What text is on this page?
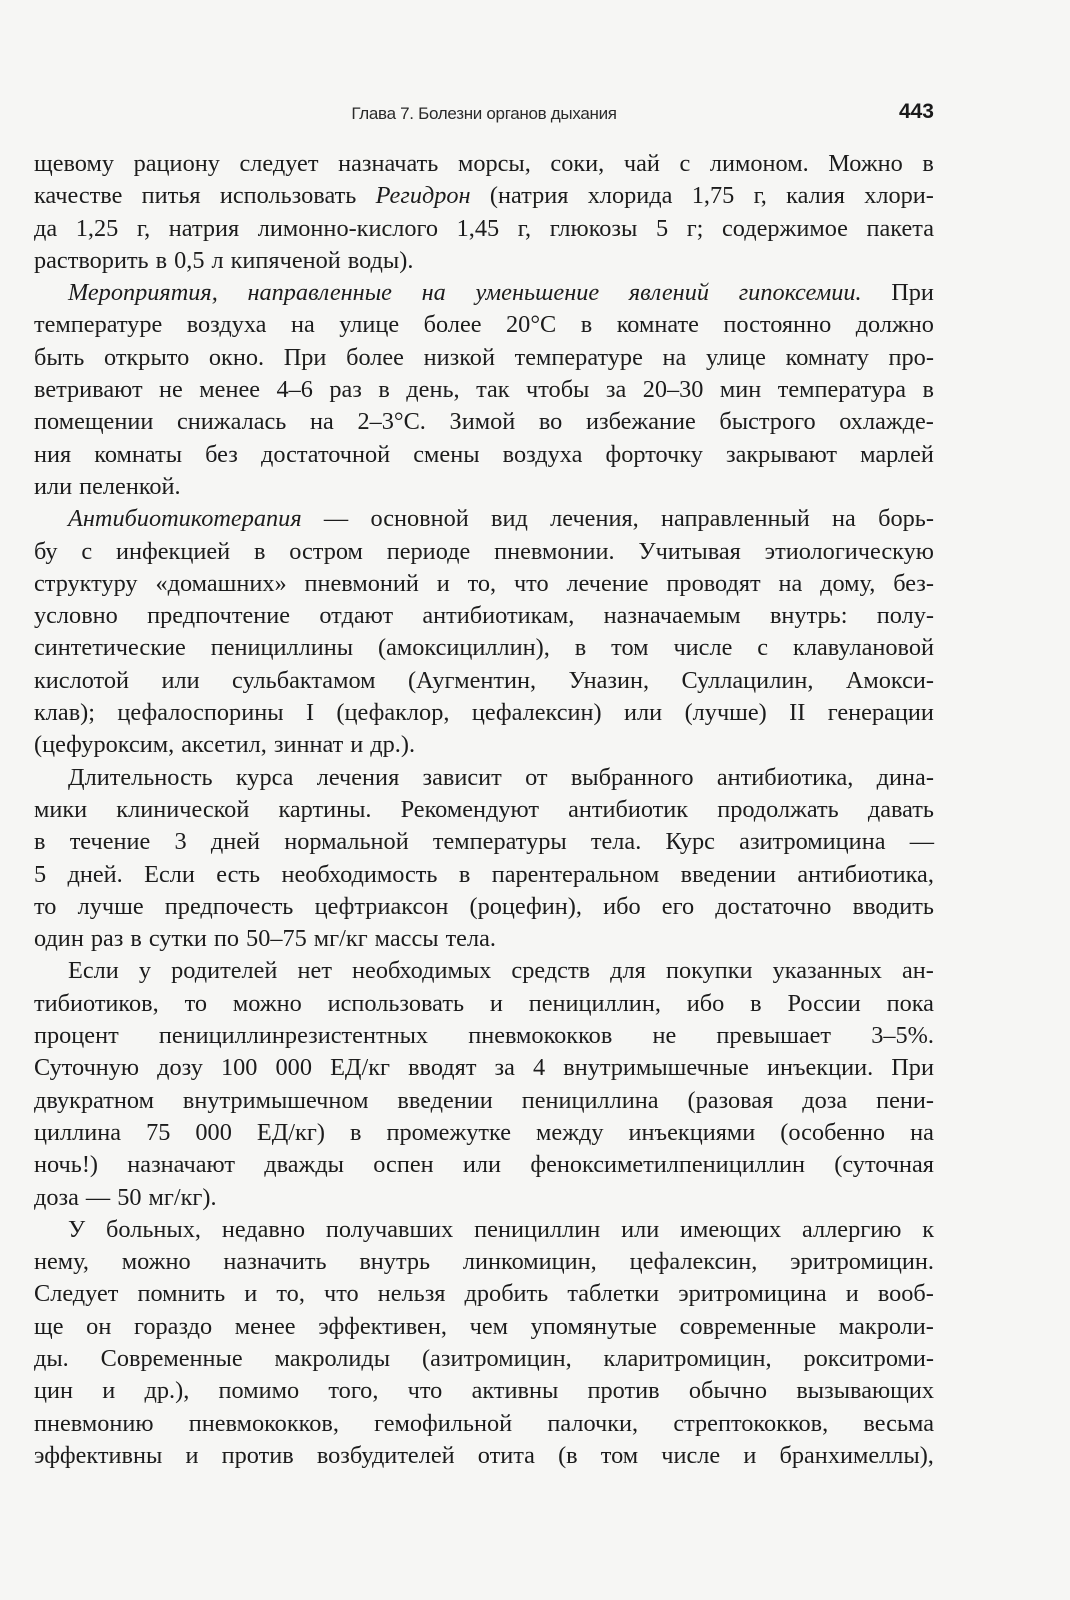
Глава 7. Болезни органов дыхания	443
щевому рациону следует назначать морсы, соки, чай с лимоном. Можно в
качестве питья использовать Регидрон (натрия хлорида 1,75 г, калия хлори-
да 1,25 г, натрия лимонно-кислого 1,45 г, глюкозы 5 г; содержимое пакета
растворить в 0,5 л кипяченой воды).
Мероприятия, направленные на уменьшение явлений гипоксемии. При
температуре воздуха на улице более 20°С в комнате постоянно должно
быть открыто окно. При более низкой температуре на улице комнату про-
ветривают не менее 4–6 раз в день, так чтобы за 20–30 мин температура в
помещении снижалась на 2–3°С. Зимой во избежание быстрого охлажде-
ния комнаты без достаточной смены воздуха форточку закрывают марлей
или пеленкой.
Антибиотикотерапия — основной вид лечения, направленный на борь-
бу с инфекцией в остром периоде пневмонии. Учитывая этиологическую
структуру «домашних» пневмоний и то, что лечение проводят на дому, без-
условно предпочтение отдают антибиотикам, назначаемым внутрь: полу-
синтетические пенициллины (амоксициллин), в том числе с клавулановой
кислотой или сульбактамом (Аугментин, Уназин, Суллацилин, Амокси-
клав); цефалоспорины I (цефаклор, цефалексин) или (лучше) II генерации
(цефуроксим, аксетил, зиннат и др.).
Длительность курса лечения зависит от выбранного антибиотика, дина-
мики клинической картины. Рекомендуют антибиотик продолжать давать
в течение 3 дней нормальной температуры тела. Курс азитромицина —
5 дней. Если есть необходимость в парентеральном введении антибиотика,
то лучше предпочесть цефтриаксон (роцефин), ибо его достаточно вводить
один раз в сутки по 50–75 мг/кг массы тела.
Если у родителей нет необходимых средств для покупки указанных ан-
тибиотиков, то можно использовать и пенициллин, ибо в России пока
процент пенициллинрезистентных пневмококков не превышает 3–5%.
Суточную дозу 100 000 ЕД/кг вводят за 4 внутримышечные инъекции. При
двукратном внутримышечном введении пенициллина (разовая доза пени-
циллина 75 000 ЕД/кг) в промежутке между инъекциями (особенно на
ночь!) назначают дважды оспен или феноксиметилпенициллин (суточная
доза — 50 мг/кг).
У больных, недавно получавших пенициллин или имеющих аллергию к
нему, можно назначить внутрь линкомицин, цефалексин, эритромицин.
Следует помнить и то, что нельзя дробить таблетки эритромицина и вооб-
ще он гораздо менее эффективен, чем упомянутые современные макроли-
ды. Современные макролиды (азитромицин, кларитромицин, рокситроми-
цин и др.), помимо того, что активны против обычно вызывающих
пневмонию пневмококков, гемофильной палочки, стрептококков, весьма
эффективны и против возбудителей отита (в том числе и бранхимеллы),
